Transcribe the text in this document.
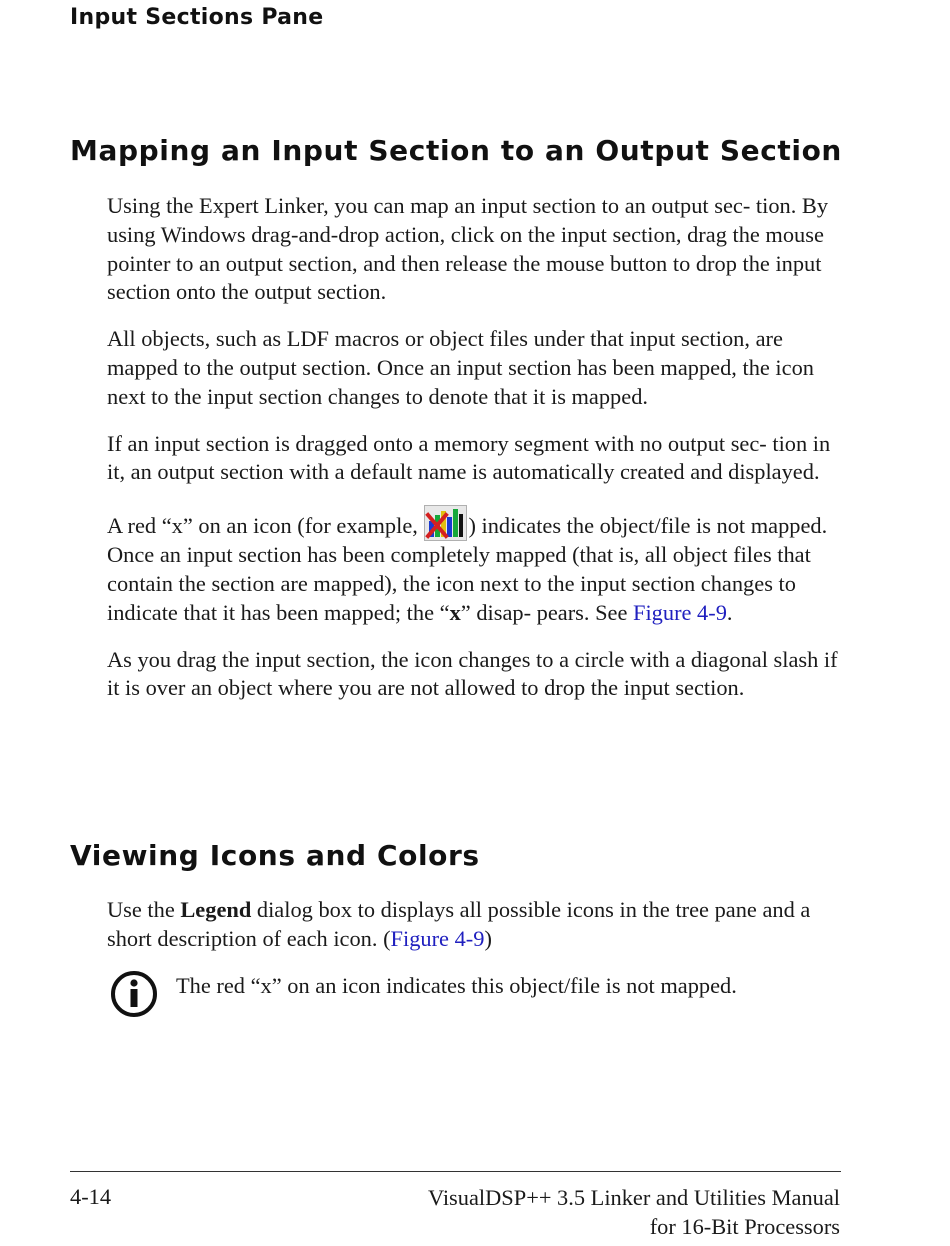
Input Sections Pane
Mapping an Input Section to an Output Section

Using the Expert Linker, you can map an input section to an output sec- tion. By using Windows drag-and-drop action, click on the input section, drag the mouse pointer to an output section, and then release the mouse button to drop the input section onto the output section.

All objects, such as LDF macros or object files under that input section, are mapped to the output section. Once an input section has been mapped, the icon next to the input section changes to denote that it is mapped.

If an input section is dragged onto a memory segment with no output sec- tion in it, an output section with a default name is automatically created and displayed.

A red “x” on an icon (for example, ) indicates the object/file is not mapped. Once an input section has been completely mapped (that is, all object files that contain the section are mapped), the icon next to the input section changes to indicate that it has been mapped; the “x” disap- pears. See Figure 4-9.

As you drag the input section, the icon changes to a circle with a diagonal slash if it is over an object where you are not allowed to drop the input section.

Viewing Icons and Colors

Use the Legend dialog box to displays all possible icons in the tree pane and a short description of each icon. (Figure 4-9)

The red “x” on an icon indicates this object/file is not mapped.
4-14	VisualDSP++ 3.5 Linker and Utilities Manual
for 16-Bit Processors
